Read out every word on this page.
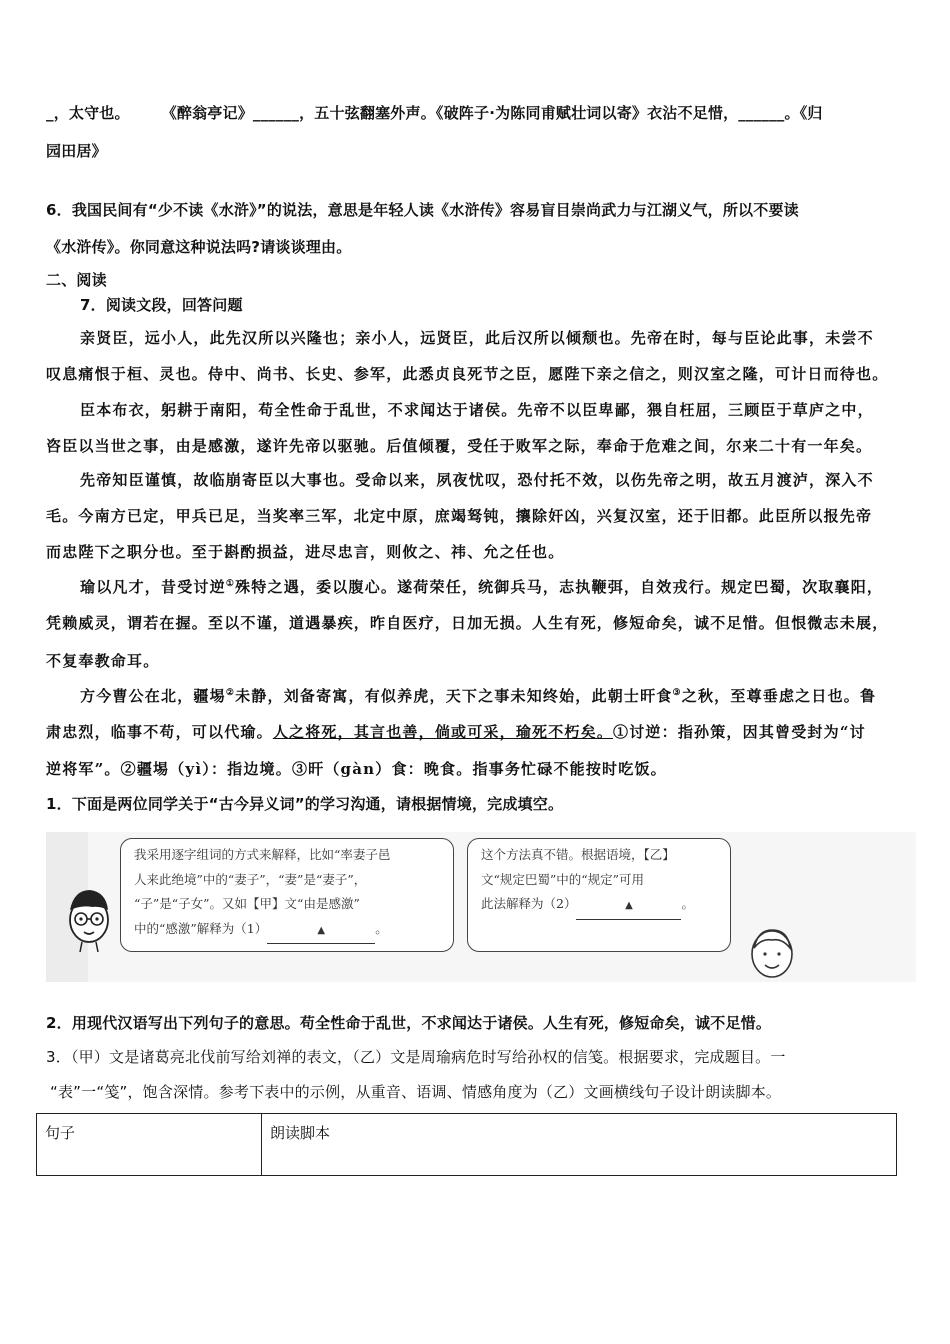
_，太守也。 《醉翁亭记》______，五十弦翻塞外声。《破阵子·为陈同甫赋壮词以寄》衣沾不足惜，______。《归
园田居》
6．我国民间有“少不读《水浒》”的说法，意思是年轻人读《水浒传》容易盲目崇尚武力与江湖义气，所以不要读
《水浒传》。你同意这种说法吗?请谈谈理由。
二、阅读
7．阅读文段，回答问题
亲贤臣，远小人，此先汉所以兴隆也；亲小人，远贤臣，此后汉所以倾颓也。先帝在时，每与臣论此事，未尝不
叹息痛恨于桓、灵也。侍中、尚书、长史、参军，此悉贞良死节之臣，愿陛下亲之信之，则汉室之隆，可计日而待也。
臣本布衣，躬耕于南阳，苟全性命于乱世，不求闻达于诸侯。先帝不以臣卑鄙，猥自枉屈，三顾臣于草庐之中，
咨臣以当世之事，由是感激，遂许先帝以驱驰。后值倾覆，受任于败军之际，奉命于危难之间，尔来二十有一年矣。
先帝知臣谨慎，故临崩寄臣以大事也。受命以来，夙夜忧叹，恐付托不效，以伤先帝之明，故五月渡泸，深入不
毛。今南方已定，甲兵已足，当奖率三军，北定中原，庶竭驽钝，攘除奸凶，兴复汉室，还于旧都。此臣所以报先帝
而忠陛下之职分也。至于斟酌损益，进尽忠言，则攸之、祎、允之任也。
瑜以凡才，昔受讨逆①殊特之遇，委以腹心。遂荷荣任，统御兵马，志执鞭弭，自效戎行。规定巴蜀，次取襄阳，
凭赖威灵，谓若在握。至以不谨，道遇暴疾，昨自医疗，日加无损。人生有死，修短命矣，诚不足惜。但恨微志未展，
不复奉教命耳。
方今曹公在北，疆埸②未静，刘备寄寓，有似养虎，天下之事未知终始，此朝士旰食③之秋，至尊垂虑之日也。鲁
肃忠烈，临事不苟，可以代瑜。人之将死，其言也善，倘或可采，瑜死不朽矣。①讨逆：指孙策，因其曾受封为“讨
逆将军”。②疆埸（yì）：指边境。③旰（gàn）食：晚食。指事务忙碌不能按时吃饭。
1．下面是两位同学关于“古今异义词”的学习沟通，请根据情境，完成填空。
我采用逐字组词的方式来解释，比如“率妻子邑
人来此绝境”中的“妻子”，“妻”是“妻子”，
“子”是“子女”。又如【甲】文“由是感激”
中的“感激”解释为（1）	▲	。
这个方法真不错。根据语境，【乙】
文“规定巴蜀”中的“规定”可用
此法解释为（2）	▲	。
2．用现代汉语写出下列句子的意思。苟全性命于乱世，不求闻达于诸侯。人生有死，修短命矣，诚不足惜。
3．（甲）文是诸葛亮北伐前写给刘禅的表文，（乙）文是周瑜病危时写给孙权的信笺。根据要求，完成题目。一
“表”一“笺”，饱含深情。参考下表中的示例，从重音、语调、情感角度为（乙）文画横线句子设计朗读脚本。
句子	朗读脚本
